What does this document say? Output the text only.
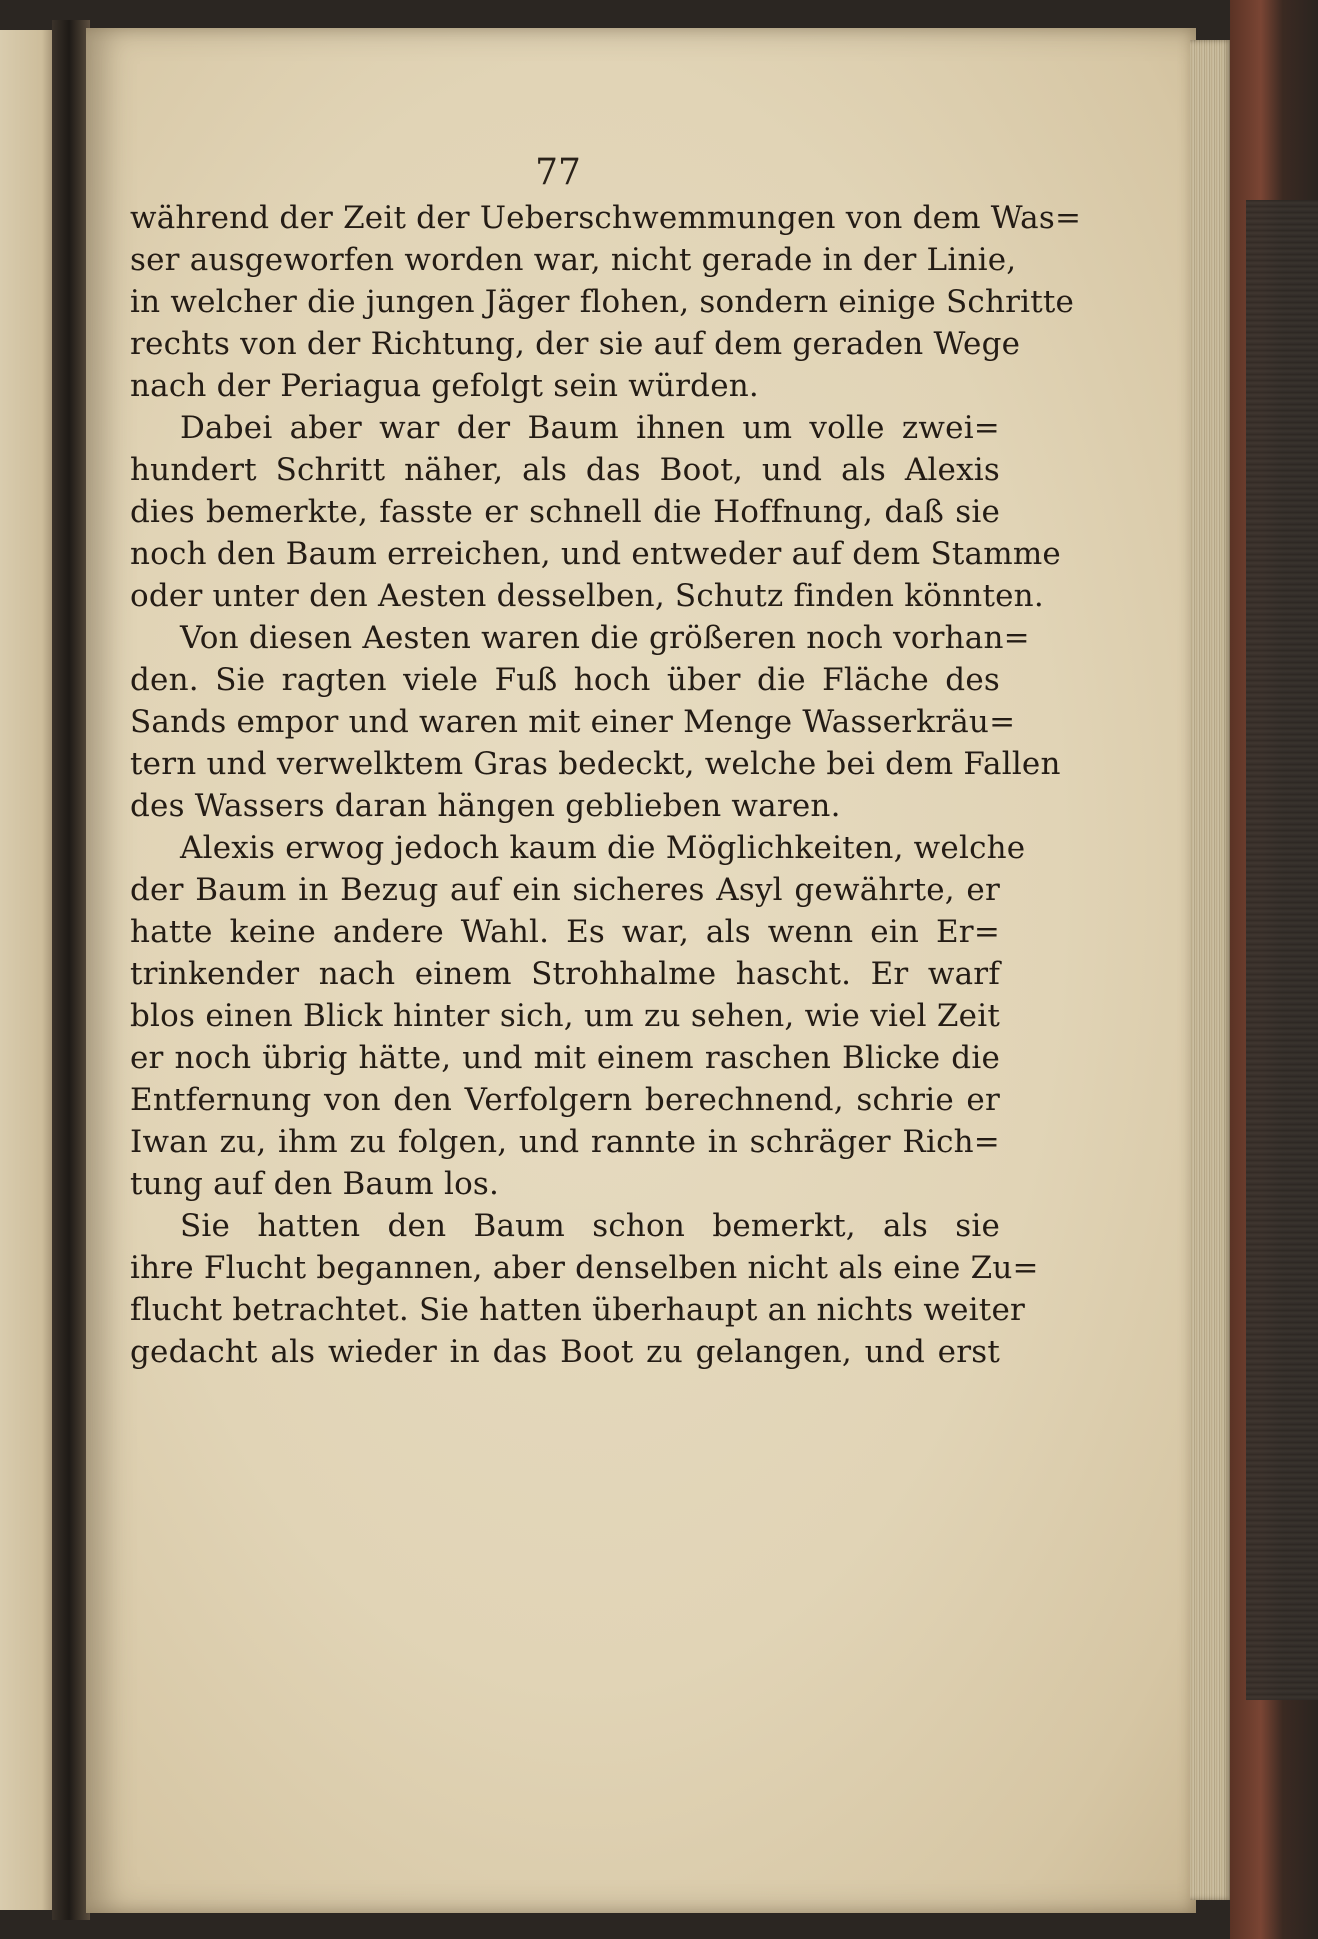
77
während der Zeit der Ueberschwemmungen von dem Was=
ser ausgeworfen worden war, nicht gerade in der Linie,
in welcher die jungen Jäger flohen, sondern einige Schritte
rechts von der Richtung, der sie auf dem geraden Wege
nach der Periagua gefolgt sein würden.
Dabei aber war der Baum ihnen um volle zwei=
hundert Schritt näher, als das Boot, und als Alexis
dies bemerkte, fasste er schnell die Hoffnung, daß sie
noch den Baum erreichen, und entweder auf dem Stamme
oder unter den Aesten desselben, Schutz finden könnten.
Von diesen Aesten waren die größeren noch vorhan=
den. Sie ragten viele Fuß hoch über die Fläche des
Sands empor und waren mit einer Menge Wasserkräu=
tern und verwelktem Gras bedeckt, welche bei dem Fallen
des Wassers daran hängen geblieben waren.
Alexis erwog jedoch kaum die Möglichkeiten, welche
der Baum in Bezug auf ein sicheres Asyl gewährte, er
hatte keine andere Wahl. Es war, als wenn ein Er=
trinkender nach einem Strohhalme hascht. Er warf
blos einen Blick hinter sich, um zu sehen, wie viel Zeit
er noch übrig hätte, und mit einem raschen Blicke die
Entfernung von den Verfolgern berechnend, schrie er
Iwan zu, ihm zu folgen, und rannte in schräger Rich=
tung auf den Baum los.
Sie hatten den Baum schon bemerkt, als sie
ihre Flucht begannen, aber denselben nicht als eine Zu=
flucht betrachtet. Sie hatten überhaupt an nichts weiter
gedacht als wieder in das Boot zu gelangen, und erst
